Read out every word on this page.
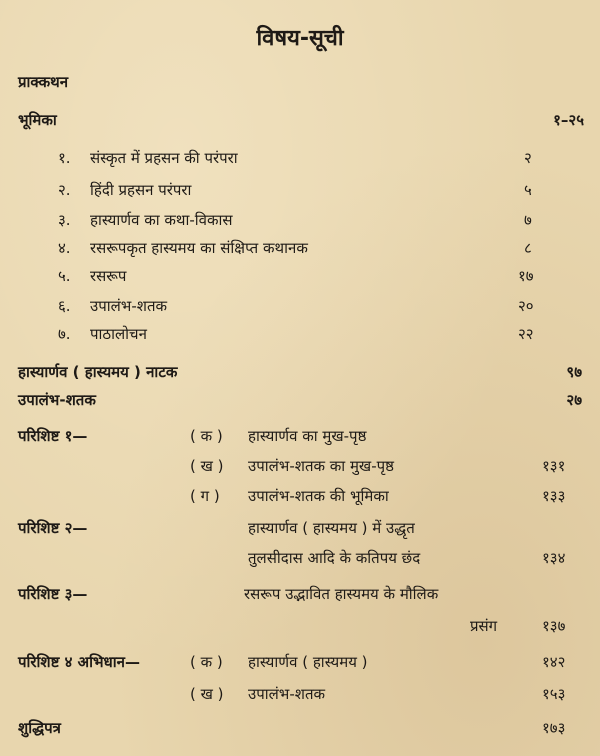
विषय-सूची
प्राक्कथन
भूमिका	१–२५
१. संस्कृत में प्रहसन की परंपरा	२
२. हिंदी प्रहसन परंपरा	५
३. हास्यार्णव का कथा-विकास	७
४. रसरूपकृत हास्यमय का संक्षिप्त कथानक	८
५. रसरूप	१७
६. उपालंभ-शतक	२०
७. पाठालोचन	२२
हास्यार्णव ( हास्यमय ) नाटक	९७
उपालंभ-शतक	२७
परिशिष्ट १—	( क ) हास्यार्णव का मुख-पृष्ठ
( ख ) उपालंभ-शतक का मुख-पृष्ठ	१३१
( ग ) उपालंभ-शतक की भूमिका	१३३
परिशिष्ट २—	हास्यार्णव ( हास्यमय ) में उद्धृत
तुलसीदास आदि के कतिपय छंद	१३४
परिशिष्ट ३—	रसरूप उद्भावित हास्यमय के मौलिक
प्रसंग	१३७
परिशिष्ट ४ अभिधान—	( क ) हास्यार्णव ( हास्यमय )	१४२
( ख ) उपालंभ-शतक	१५३
शुद्धिपत्र	१७३
